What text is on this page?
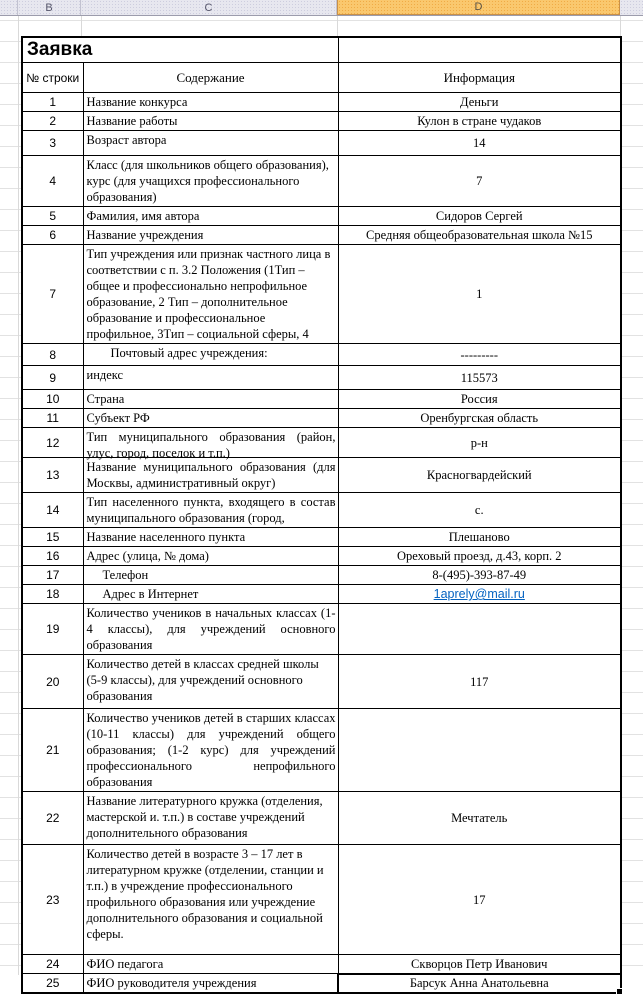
B	C	D
Заявка		
№ строки	Содержание	Информация
1	Название конкурса	Деньги
2	Название работы	Кулон в стране чудаков
3	Возраст автора	14
4	Класс (для школьников общего образования), курс (для учащихся профессионального образования)	7
5	Фамилия, имя автора	Сидоров Сергей
6	Название учреждения	Средняя общеобразовательная школа №15
7	Тип учреждения или признак частного лица в соответствии с п. 3.2 Положения (1Тип – общее и профессионально непрофильное образование, 2 Тип – дополнительное образование и профессиональное профильное, 3Тип – социальной сферы, 4	1
8	Почтовый адрес учреждения:	---------
9	индекс	115573
10	Страна	Россия
11	Субъект РФ	Оренбургская область
12	Тип муниципального образования (район, улус, город, поселок и т.п.)	р-н
13	Название муниципального образования (для Москвы, административный округ)	Красногвардейский
14	Тип населенного пункта, входящего в состав муниципального образования (город,	с.
15	Название населенного пункта	Плешаново
16	Адрес (улица, № дома)	Ореховый проезд, д.43, корп. 2
17	Телефон	8-(495)-393-87-49
18	Адрес в Интернет	1aprely@mail.ru
19	Количество учеников в начальных классах (1-4 классы), для учреждений основного образования	

20	Количество детей в классах средней школы (5-9 классы), для учреждений основного образования	117
21	Количество учеников детей в старших классах (10-11 классы) для учреждений общего образования; (1-2 курс) для учреждений профессионального непрофильного образования	

22	Название литературного кружка (отделения, мастерской и. т.п.) в составе учреждений дополнительного образования	Мечтатель
23	Количество детей в возрасте 3 – 17 лет в литературном кружке (отделении, станции и т.п.) в учреждение профессионального профильного образования или учреждение дополнительного образования и социальной сферы.	17
24	ФИО педагога	Скворцов Петр Иванович
25	ФИО руководителя учреждения	Барсук Анна Анатольевна
